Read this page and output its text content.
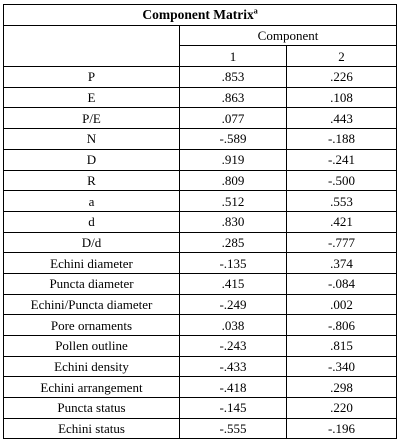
Component Matrix$^a$
	Component	
	1	2
P	.853	.226
E	.863	.108
P/E	.077	.443
N	-.589	-.188
D	.919	-.241
R	.809	-.500
a	.512	.553
d	.830	.421
D/d	.285	-.777
Echini diameter	-.135	.374
Puncta diameter	.415	-.084
Echini/Puncta diameter	-.249	.002
Pore ornaments	.038	-.806
Pollen outline	-.243	.815
Echini density	-.433	-.340
Echini arrangement	-.418	.298
Puncta status	-.145	.220
Echini status	-.555	-.196
